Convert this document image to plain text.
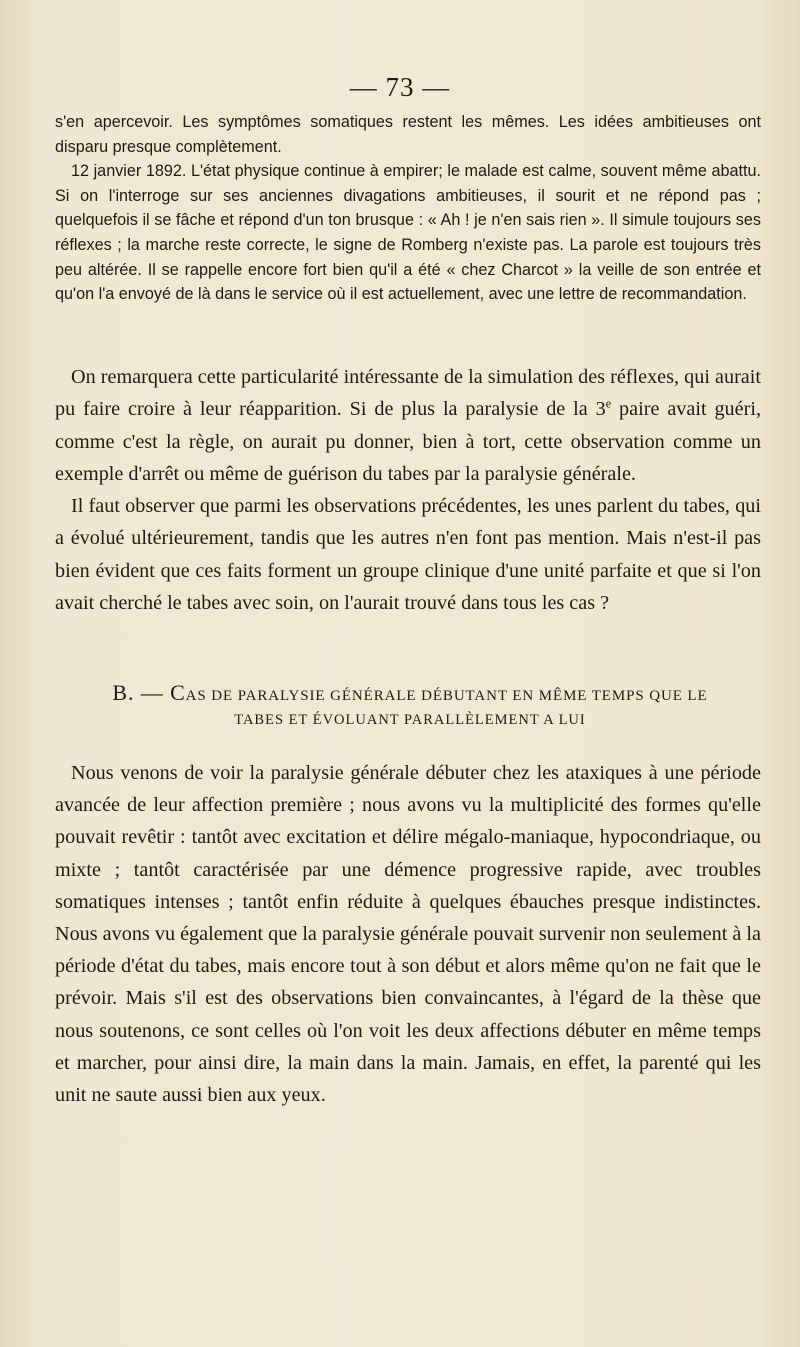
— 73 —

s'en apercevoir. Les symptômes somatiques restent les mêmes. Les idées ambitieuses ont disparu presque complètement.

12 janvier 1892. L'état physique continue à empirer; le malade est calme, souvent même abattu. Si on l'interroge sur ses anciennes divagations ambitieuses, il sourit et ne répond pas ; quelquefois il se fâche et répond d'un ton brusque : « Ah ! je n'en sais rien ». Il simule toujours ses réflexes ; la marche reste correcte, le signe de Romberg n'existe pas. La parole est toujours très peu altérée. Il se rappelle encore fort bien qu'il a été « chez Charcot » la veille de son entrée et qu'on l'a envoyé de là dans le service où il est actuellement, avec une lettre de recommandation.

On remarquera cette particularité intéressante de la simulation des réflexes, qui aurait pu faire croire à leur réapparition. Si de plus la paralysie de la 3e paire avait guéri, comme c'est la règle, on aurait pu donner, bien à tort, cette observation comme un exemple d'arrêt ou même de guérison du tabes par la paralysie générale.

Il faut observer que parmi les observations précédentes, les unes parlent du tabes, qui a évolué ultérieurement, tandis que les autres n'en font pas mention. Mais n'est-il pas bien évident que ces faits forment un groupe clinique d'une unité parfaite et que si l'on avait cherché le tabes avec soin, on l'aurait trouvé dans tous les cas ?

B. — CAS DE PARALYSIE GÉNÉRALE DÉBUTANT EN MÊME TEMPS QUE LE
TABES ET ÉVOLUANT PARALLÈLEMENT A LUI

Nous venons de voir la paralysie générale débuter chez les ataxiques à une période avancée de leur affection première ; nous avons vu la multiplicité des formes qu'elle pouvait revêtir : tantôt avec excitation et délire mégalo-maniaque, hypocondriaque, ou mixte ; tantôt caractérisée par une démence progressive rapide, avec troubles somatiques intenses ; tantôt enfin réduite à quelques ébauches presque indistinctes. Nous avons vu également que la paralysie générale pouvait survenir non seulement à la période d'état du tabes, mais encore tout à son début et alors même qu'on ne fait que le prévoir. Mais s'il est des observations bien convaincantes, à l'égard de la thèse que nous soutenons, ce sont celles où l'on voit les deux affections débuter en même temps et marcher, pour ainsi dire, la main dans la main. Jamais, en effet, la parenté qui les unit ne saute aussi bien aux yeux.
